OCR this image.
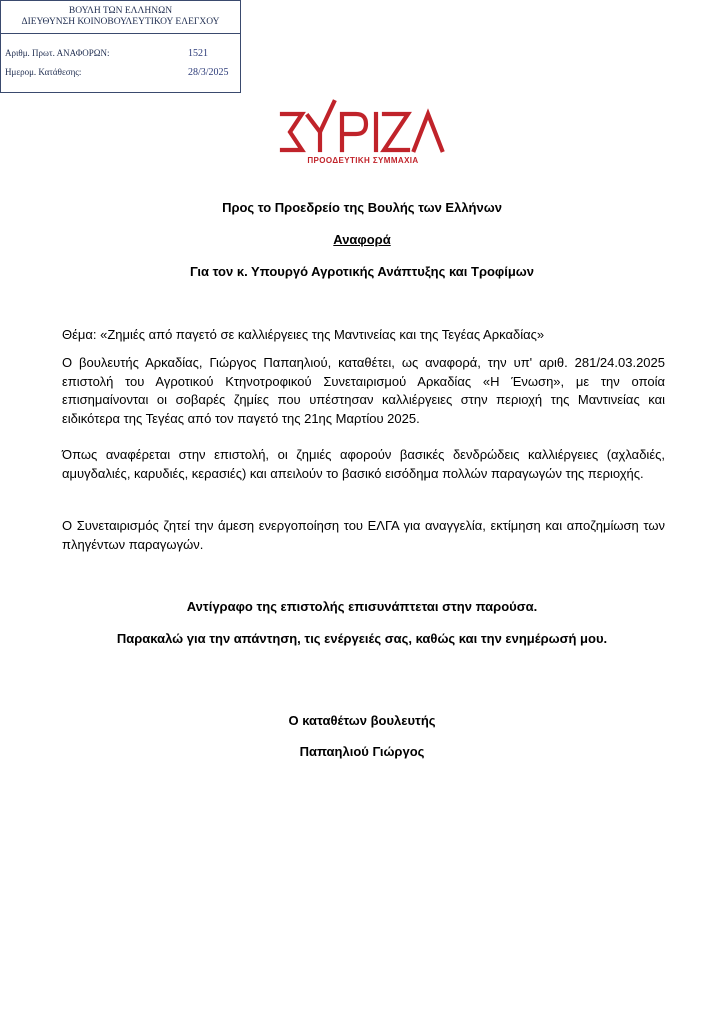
ΒΟΥΛΗ ΤΩΝ ΕΛΛΗΝΩΝ
ΔΙΕΥΘΥΝΣΗ ΚΟΙΝΟΒΟΥΛΕΥΤΙΚΟΥ ΕΛΕΓΧΟΥ
Αριθμ. Πρωτ. ΑΝΑΦΟΡΩΝ:	1521
Ημερομ. Κατάθεσης:	28/3/2025
ΠΡΟΟΔΕΥΤΙΚΗ ΣΥΜΜΑΧΙΑ
Προς το Προεδρείο της Βουλής των Ελλήνων
Αναφορά
Για τον κ. Υπουργό Αγροτικής Ανάπτυξης και Τροφίμων
Θέμα: «Ζημιές από παγετό σε καλλιέργειες της Μαντινείας και της Τεγέας Αρκαδίας»
Ο βουλευτής Αρκαδίας, Γιώργος Παπαηλιού, καταθέτει, ως αναφορά, την υπ' αριθ. 281/24.03.2025 επιστολή του Αγροτικού Κτηνοτροφικού Συνεταιρισμού Αρκαδίας «Η Ένωση», με την οποία επισημαίνονται οι σοβαρές ζημίες που υπέστησαν καλλιέργειες στην περιοχή της Μαντινείας και ειδικότερα της Τεγέας από τον παγετό της 21ης Μαρτίου 2025.
Όπως αναφέρεται στην επιστολή, οι ζημιές αφορούν βασικές δενδρώδεις καλλιέργειες (αχλαδιές, αμυγδαλιές, καρυδιές, κερασιές) και απειλούν το βασικό εισόδημα πολλών παραγωγών της περιοχής.
Ο Συνεταιρισμός ζητεί την άμεση ενεργοποίηση του ΕΛΓΑ για αναγγελία, εκτίμηση και αποζημίωση των πληγέντων παραγωγών.
Αντίγραφο της επιστολής επισυνάπτεται στην παρούσα.
Παρακαλώ για την απάντηση, τις ενέργειές σας, καθώς και την ενημέρωσή μου.
Ο καταθέτων βουλευτής
Παπαηλιού Γιώργος
